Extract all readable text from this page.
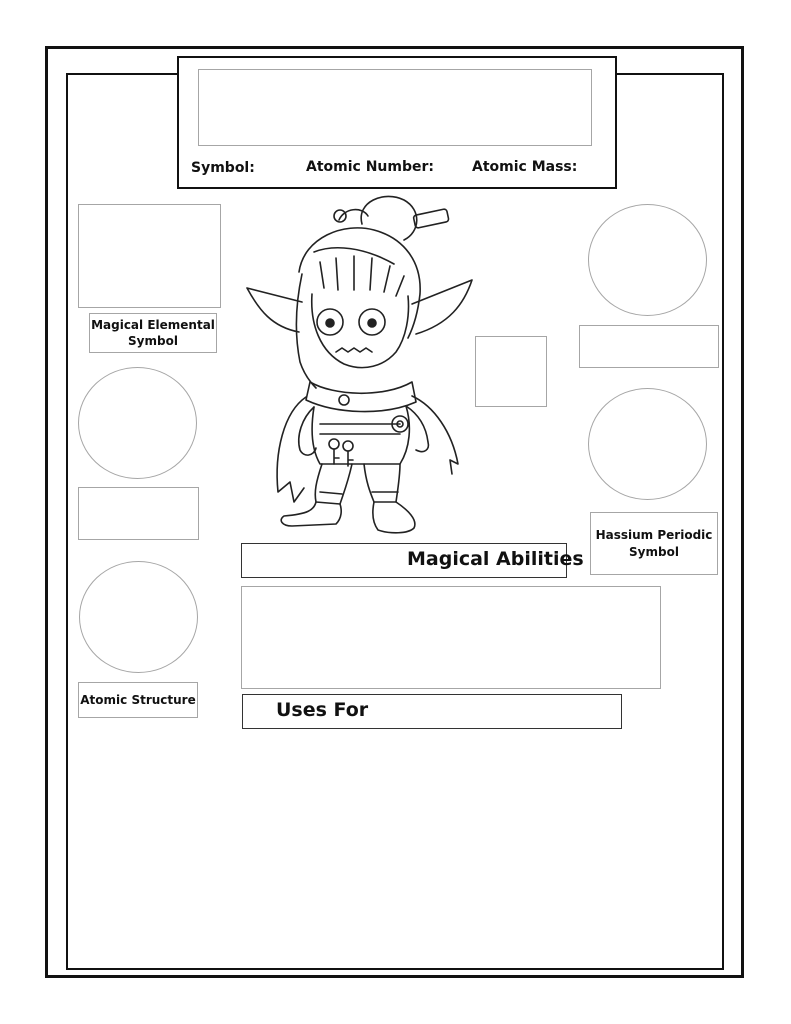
Symbol:	Atomic Number:	Atomic Mass:
Magical Elemental Symbol
Atomic Structure
Hassium Periodic Symbol
Magical Abilities
Uses For
